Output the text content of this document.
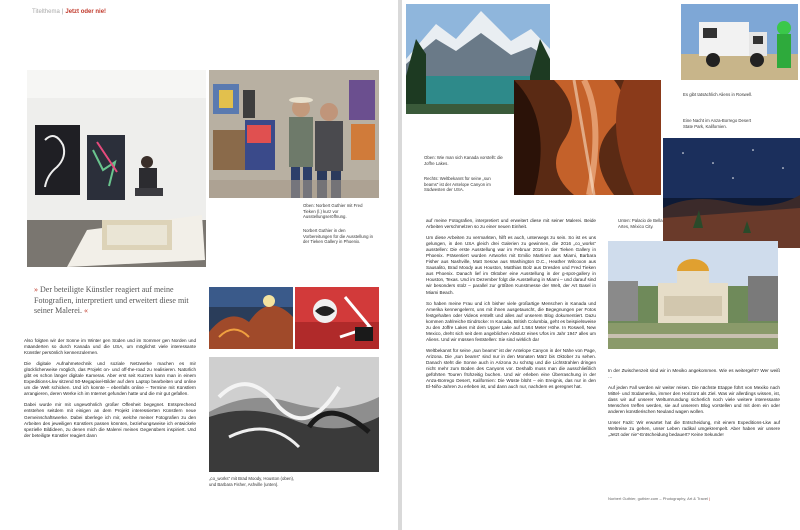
Titelthema | Jetzt oder nie!
Oben: Norbert Guthier mit Fred Tieken (l.) kurz vor Ausstellungseröffnung.
Norbert Guthier in den Vorbereitungen für die Ausstellung in der Tieken Gallery in Phoenix.
» Der beteiligte Künstler reagiert auf meine Fotografien, interpretiert und erweitert diese mit seiner Malerei. «
„co_works“ mit Brad Moody, Houston (oben), und Barbara Fisher, Ashville (unten).

Also folgten wir der Sonne im Winter gen Süden und im Sommer gen Norden und mäanderten so durch Kanada und die USA, um möglichst viele interessante Künstler persönlich kennenzulernen.

Die digitale Aufnahmetechnik und soziale Netzwerke machen es mir glücklicherweise möglich, das Projekt on- und off-the-road zu realisieren. Natürlich gibt es schon länger digitale Kameras. Aber erst seit Kurzem kann man in einem Expeditions-Lkw sitzend 50-Megapixel-Bilder auf dem Laptop bearbeiten und online um die Welt schicken. Und ich konnte – ebenfalls online – Termine mit Künstlern arrangieren, deren Werke ich im Internet gefunden hatte und die mir gut gefallen.

Dabei wurde mir mit ungewöhnlich großer Offenheit begegnet. Entsprechend entstehen seitdem mit einigen an dem Projekt interessierten Künstlern neue Gemeinschaftswerke. Dabei überlege ich mir, welche meiner Fotografien zu den Arbeiten des jeweiligen Künstlers passen könnten, beziehungsweise ich entwickele spezielle Bildideen, zu denen mich die Malerei meines Gegenübers inspiriert. Und der beteiligte Künstler reagiert dann

Oben: Wie man sich Kanada vorstellt: die Joffre Lakes.
Rechts: Weltbekannt für seine „sun beams“ ist der Antelope Canyon im Südwesten der USA.
Es gibt tatsächlich Aliens in Roswell.
Eine Nacht im Anza-Borrego Desert State Park, Kalifornien.
Unten: Palacio de Bella Artes, México City.

auf meine Fotografien, interpretiert und erweitert diese mit seiner Malerei. Beide Arbeiten verschmelzen so zu einer neuen Einheit.

Um diese Arbeiten zu vermarkten, hilft es auch, unterwegs zu sein. So ist es uns gelungen, in den USA gleich drei Galerien zu gewinnen, die 2016 „co_works“ ausstellen: Die erste Ausstellung war im Februar 2016 in der Tieken Gallery in Phoenix. Präsentiert wurden Artworks mit Emilio Martinez aus Miami, Barbara Fisher aus Nashville, Matt Sesow aus Washington D.C., Heather Wilcoxon aus Sausalito, Brad Moody aus Houston, Matthias Bolz aus Dresden und Fred Tieken aus Phoenix. Danach lief im Oktober eine Ausstellung in der g-spot-gallery in Houston, Texas. Und im Dezember folgt die Ausstellung in Miami – und darauf sind wir besonders stolz – parallel zur größten Kunstmesse der Welt, der Art Basel in Miami Beach.

So haben meine Frau und ich bisher viele großartige Menschen in Kanada und Amerika kennengelernt, uns mit ihnen ausgetauscht, die Begegnungen per Fotos festgehalten oder Videos erstellt und alles auf unserem Blog dokumentiert. Dazu kommen zahlreiche Eindrücke: In Kanada, British Columbia, geht es beispielsweise zu den Joffre Lakes mit dem Upper Lake auf 1.564 Meter Höhe. In Roswell, New Mexico, dreht sich seit dem angeblichen Absturz eines Ufos im Jahr 1947 alles um Aliens. Und wir müssen feststellen: Sie sind wirklich da!

Weltbekannt für seine „sun beams“ ist der Antelope Canyon in der Nähe von Page, Arizona. Die „sun beams“ sind nur in den Monaten März bis Oktober zu sehen. Danach steht die Sonne auch in Arizona zu schräg und die Lichtstrahlen dringen nicht mehr zum Boden des Canyons vor. Deshalb muss man die ausschließlich geführten Touren frühzeitig buchen. Und wir erleben eine Überraschung in der Anza-Borrego Desert, Kalifornien: Die Wüste blüht – ein Ereignis, das nur in den El-Niño-Jahren zu erleben ist, und dann auch nur, nachdem es geregnet hat.

In der Zwischenzeit sind wir in Mexiko angekommen. Wie es weitergeht? Wer weiß …

Auf jeden Fall werden wir weiter reisen. Die nächste Etappe führt von Mexiko nach Mittel- und Südamerika, immer den Horizont als Ziel. Was wir allerdings wissen, ist, dass wir auf unserer Weltumrundung sicherlich noch viele weitere interessante Menschen treffen werden, sie auf unserem Blog vorstellen und mit dem ein oder anderen künstlerischen Neuland wagen wollen.

Unser Fazit: Wir erwartet hat die Entscheidung, mit einem Expeditions-Lkw auf Weltreise zu gehen, unser Leben radikal umgekrempelt. Aber haben wir unsere „Jetzt oder nie“-Entscheidung bedauert? Keine Sekunde!

Norbert Guthier, guthier.com – Photography, Art & Travel |
